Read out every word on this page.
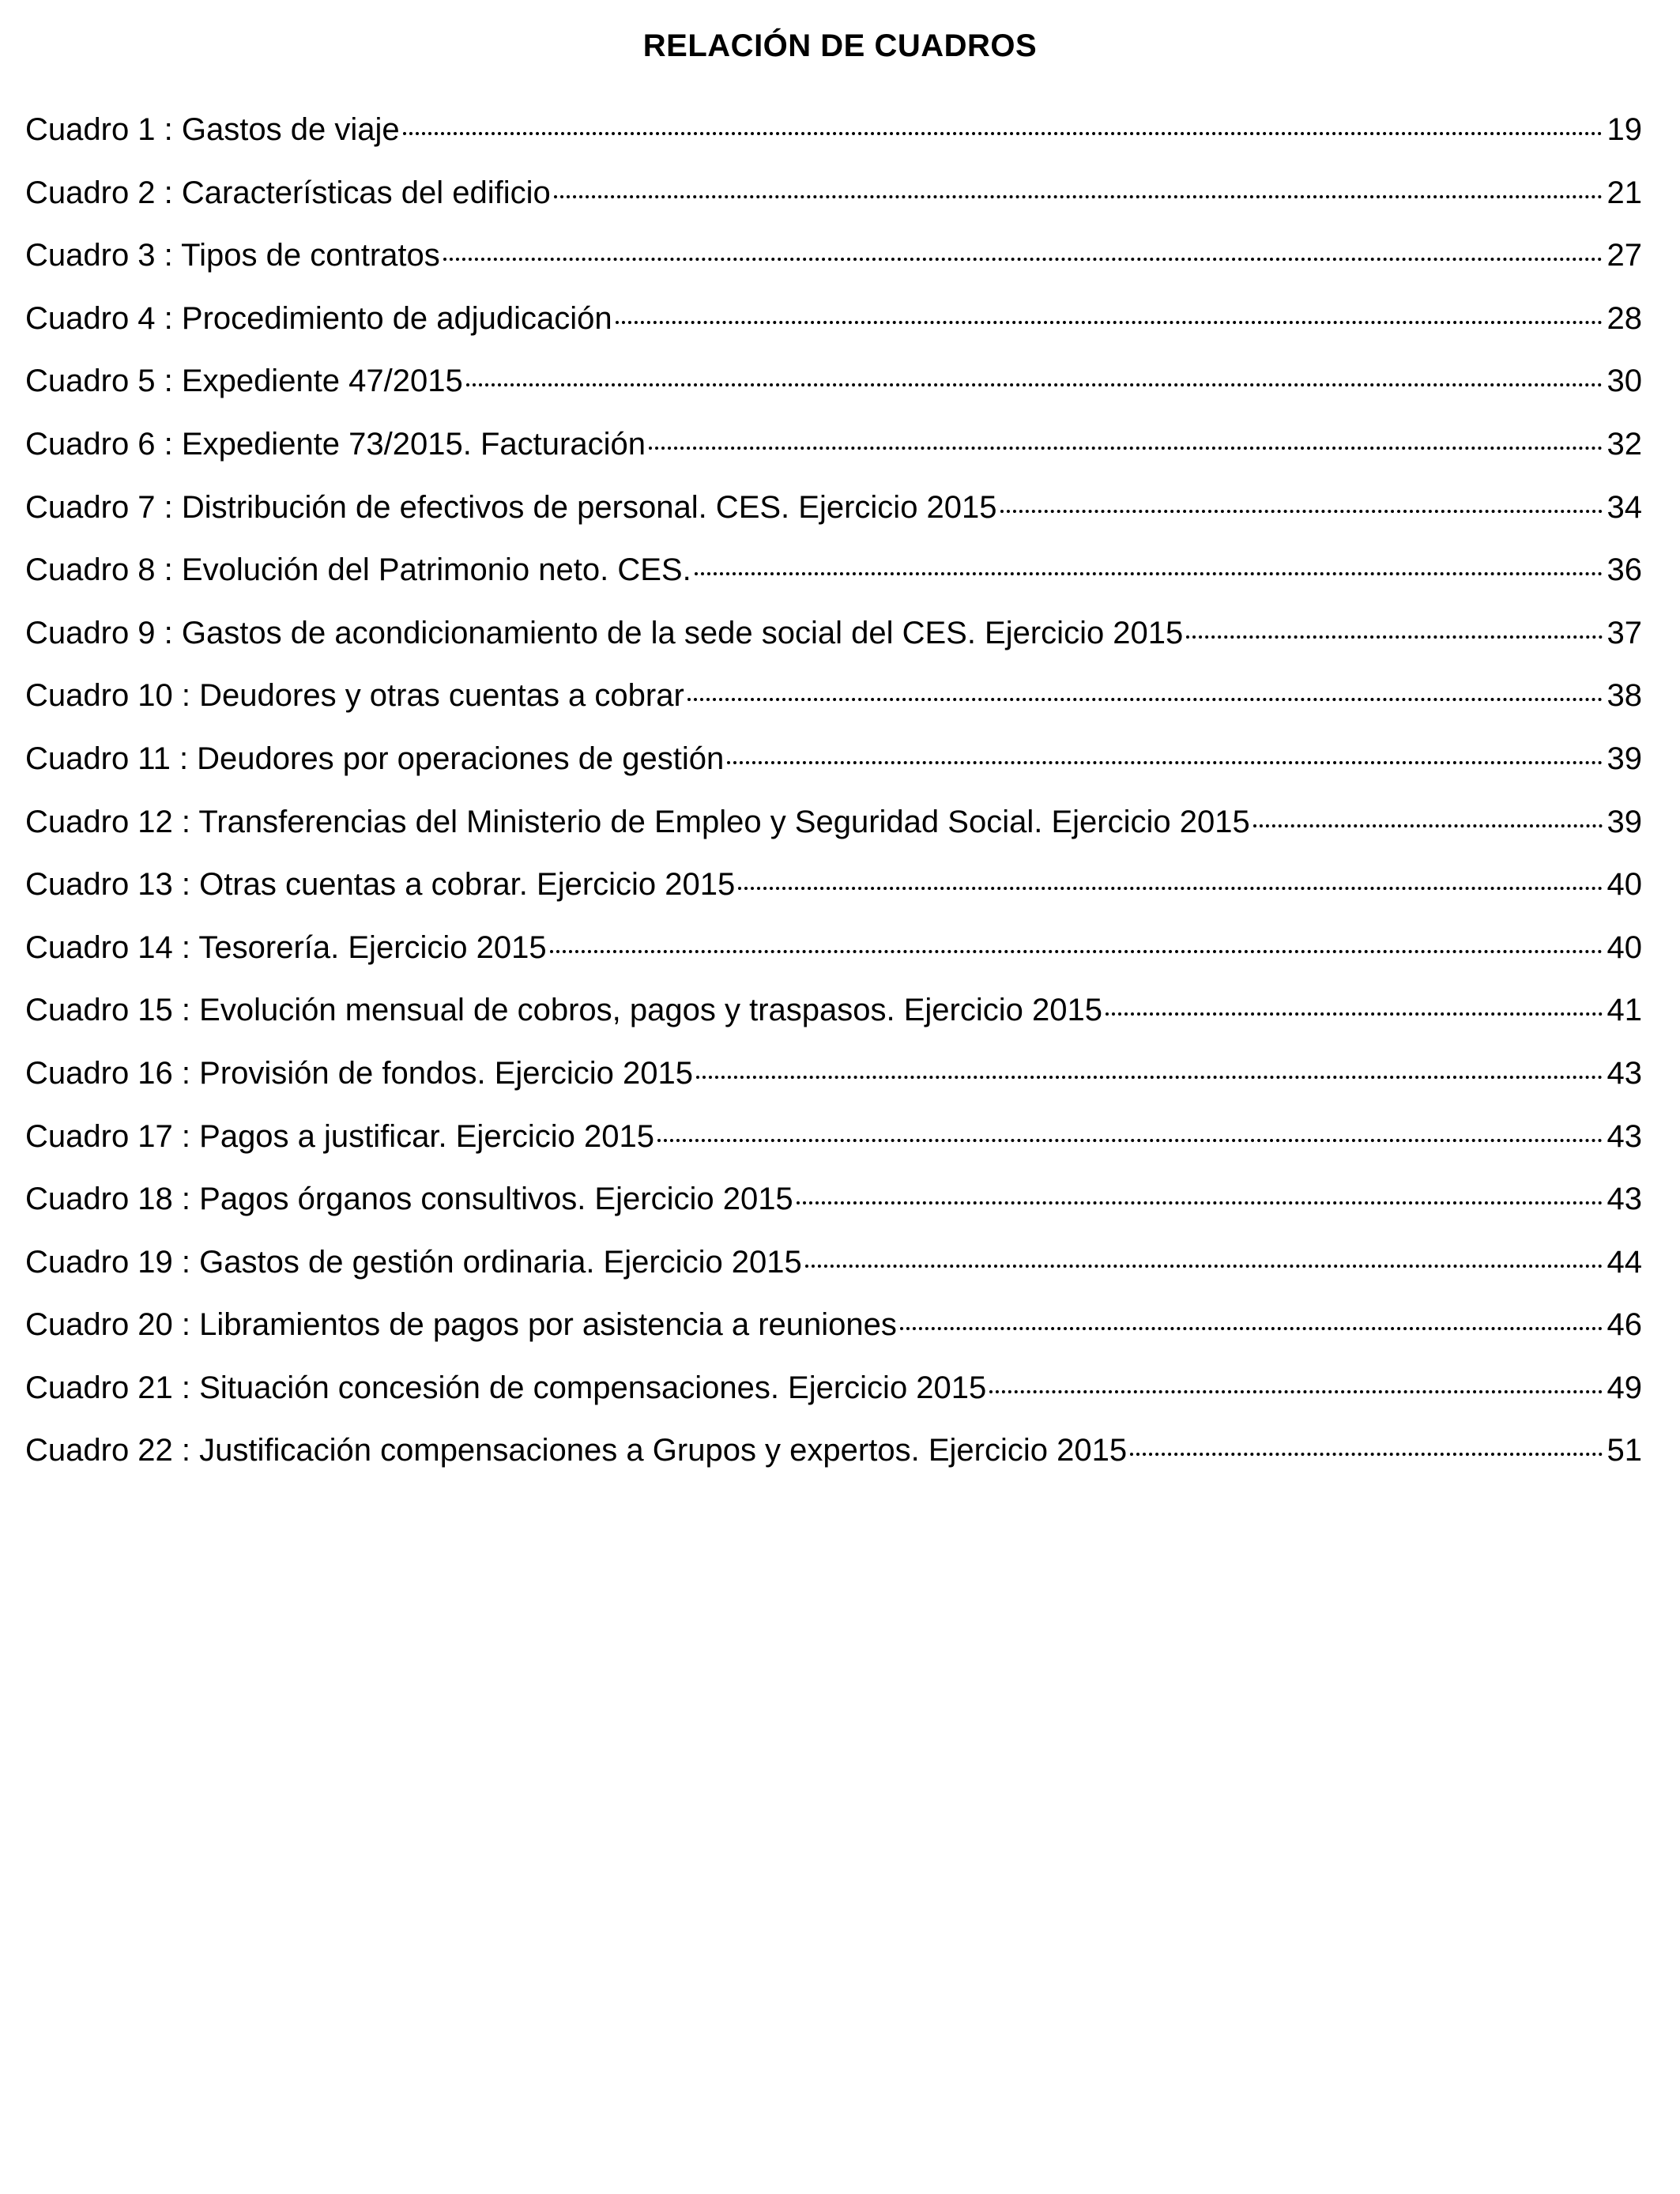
RELACIÓN DE CUADROS
Cuadro 1 : Gastos de viaje	19
Cuadro 2 : Características del edificio	21
Cuadro 3 : Tipos de contratos	27
Cuadro 4 : Procedimiento de adjudicación	28
Cuadro 5 : Expediente 47/2015	30
Cuadro 6 : Expediente 73/2015. Facturación	32
Cuadro 7 : Distribución de efectivos de personal. CES. Ejercicio 2015	34
Cuadro 8 : Evolución del Patrimonio neto. CES.	36
Cuadro 9 : Gastos de acondicionamiento de la sede social del CES. Ejercicio 2015	37
Cuadro 10 : Deudores y otras cuentas a cobrar	38
Cuadro 11 : Deudores por operaciones de gestión	39
Cuadro 12 : Transferencias del Ministerio de Empleo y Seguridad Social. Ejercicio 2015	39
Cuadro 13 : Otras cuentas a cobrar. Ejercicio 2015	40
Cuadro 14 : Tesorería. Ejercicio 2015	40
Cuadro 15 : Evolución mensual de cobros, pagos y traspasos. Ejercicio 2015	41
Cuadro 16 : Provisión de fondos. Ejercicio 2015	43
Cuadro 17 : Pagos a justificar. Ejercicio 2015	43
Cuadro 18 : Pagos órganos consultivos. Ejercicio 2015	43
Cuadro 19 : Gastos de gestión ordinaria. Ejercicio 2015	44
Cuadro 20 : Libramientos de pagos por asistencia a reuniones	46
Cuadro 21 : Situación concesión de compensaciones. Ejercicio 2015	49
Cuadro 22 : Justificación compensaciones a Grupos y expertos. Ejercicio 2015	51
